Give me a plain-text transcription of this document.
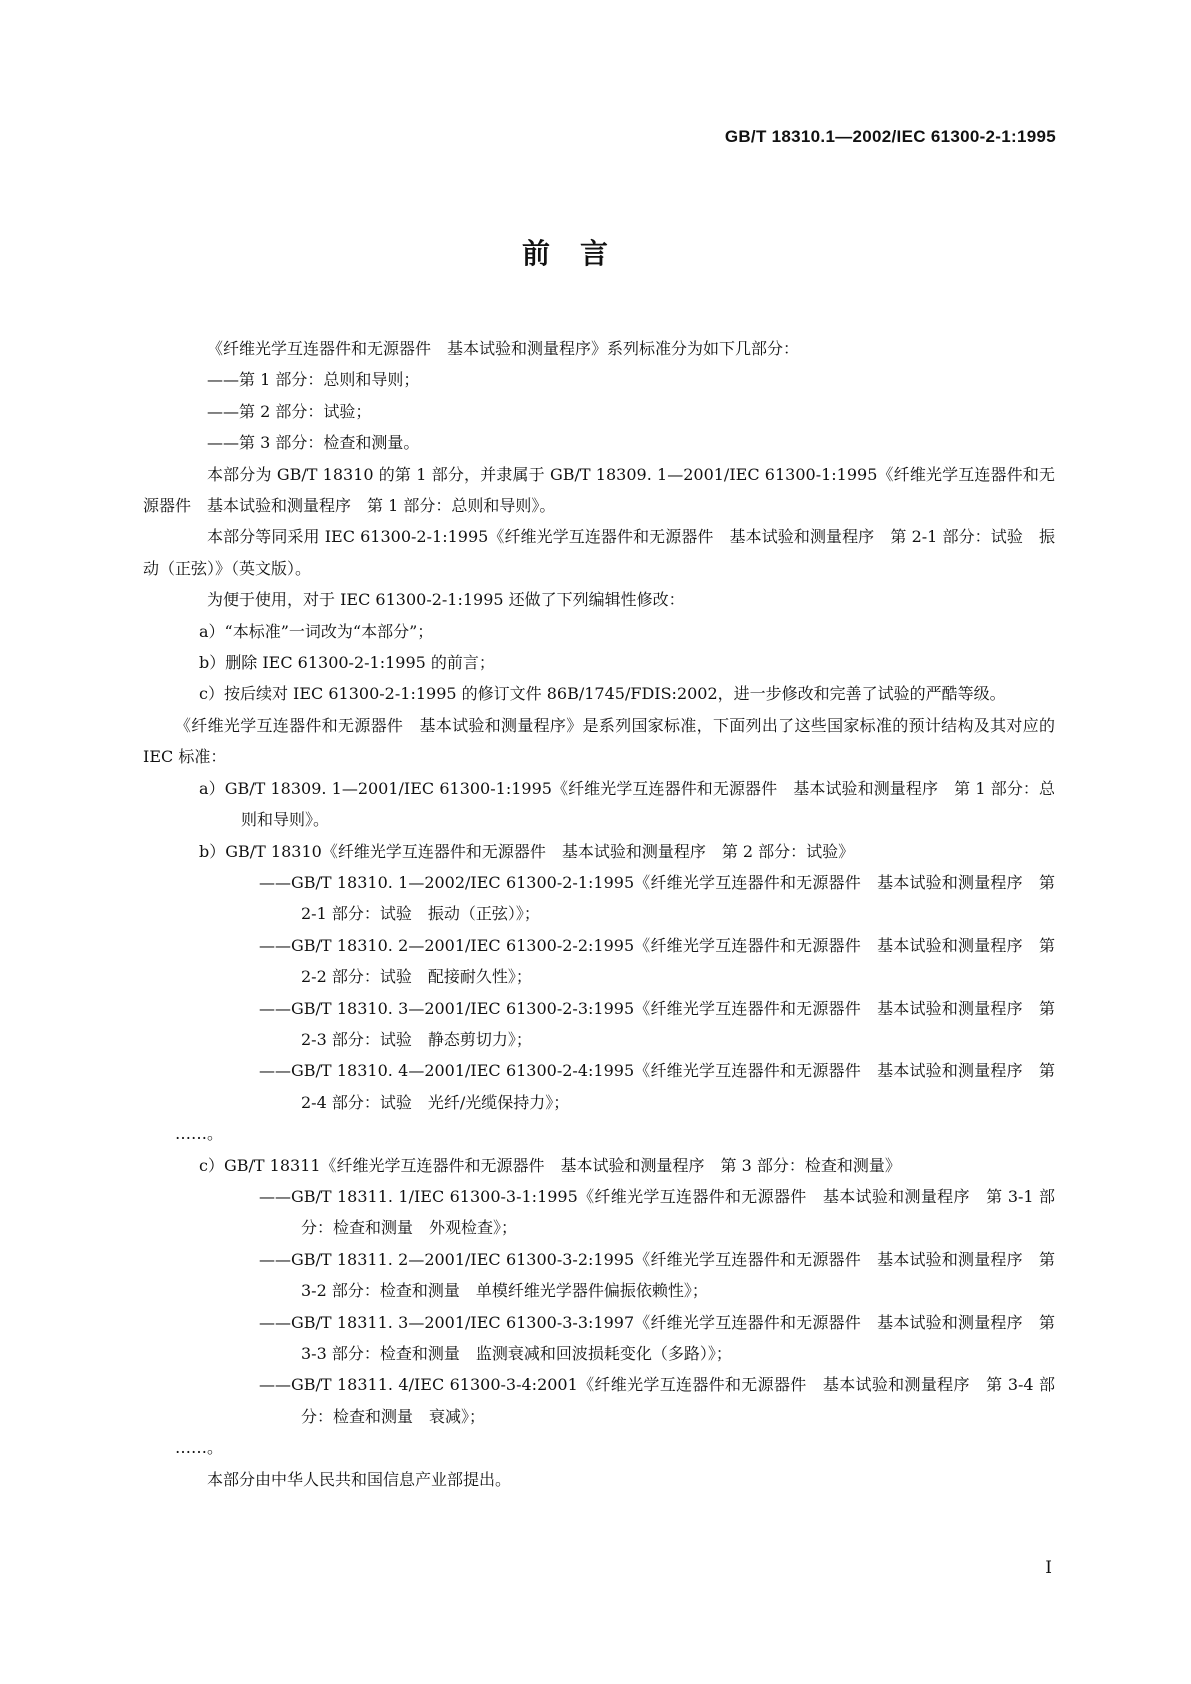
GB/T 18310.1—2002/IEC 61300-2-1:1995
前言

《纤维光学互连器件和无源器件　基本试验和测量程序》系列标准分为如下几部分：

——第 1 部分：总则和导则；

——第 2 部分：试验；

——第 3 部分：检查和测量。

本部分为 GB/T 18310 的第 1 部分，并隶属于 GB/T 18309. 1—2001/IEC 61300-1:1995《纤维光学互连器件和无源器件　基本试验和测量程序　第 1 部分：总则和导则》。

本部分等同采用 IEC 61300-2-1:1995《纤维光学互连器件和无源器件　基本试验和测量程序　第 2-1 部分：试验　振动（正弦）》（英文版）。

为便于使用，对于 IEC 61300-2-1:1995 还做了下列编辑性修改：

a）“本标准”一词改为“本部分”；

b）删除 IEC 61300-2-1:1995 的前言；

c）按后续对 IEC 61300-2-1:1995 的修订文件 86B/1745/FDIS:2002，进一步修改和完善了试验的严酷等级。

《纤维光学互连器件和无源器件　基本试验和测量程序》是系列国家标准，下面列出了这些国家标准的预计结构及其对应的 IEC 标准：

a）GB/T 18309. 1—2001/IEC 61300-1:1995《纤维光学互连器件和无源器件　基本试验和测量程序　第 1 部分：总则和导则》。

b）GB/T 18310《纤维光学互连器件和无源器件　基本试验和测量程序　第 2 部分：试验》

——GB/T 18310. 1—2002/IEC 61300-2-1:1995《纤维光学互连器件和无源器件　基本试验和测量程序　第 2-1 部分：试验　振动（正弦）》；

——GB/T 18310. 2—2001/IEC 61300-2-2:1995《纤维光学互连器件和无源器件　基本试验和测量程序　第 2-2 部分：试验　配接耐久性》；

——GB/T 18310. 3—2001/IEC 61300-2-3:1995《纤维光学互连器件和无源器件　基本试验和测量程序　第 2-3 部分：试验　静态剪切力》；

——GB/T 18310. 4—2001/IEC 61300-2-4:1995《纤维光学互连器件和无源器件　基本试验和测量程序　第 2-4 部分：试验　光纤/光缆保持力》；

……。

c）GB/T 18311《纤维光学互连器件和无源器件　基本试验和测量程序　第 3 部分：检查和测量》

——GB/T 18311. 1/IEC 61300-3-1:1995《纤维光学互连器件和无源器件　基本试验和测量程序　第 3-1 部分：检查和测量　外观检查》；

——GB/T 18311. 2—2001/IEC 61300-3-2:1995《纤维光学互连器件和无源器件　基本试验和测量程序　第 3-2 部分：检查和测量　单模纤维光学器件偏振依赖性》；

——GB/T 18311. 3—2001/IEC 61300-3-3:1997《纤维光学互连器件和无源器件　基本试验和测量程序　第 3-3 部分：检查和测量　监测衰减和回波损耗变化（多路）》；

——GB/T 18311. 4/IEC 61300-3-4:2001《纤维光学互连器件和无源器件　基本试验和测量程序　第 3-4 部分：检查和测量　衰减》；

……。

本部分由中华人民共和国信息产业部提出。

I
